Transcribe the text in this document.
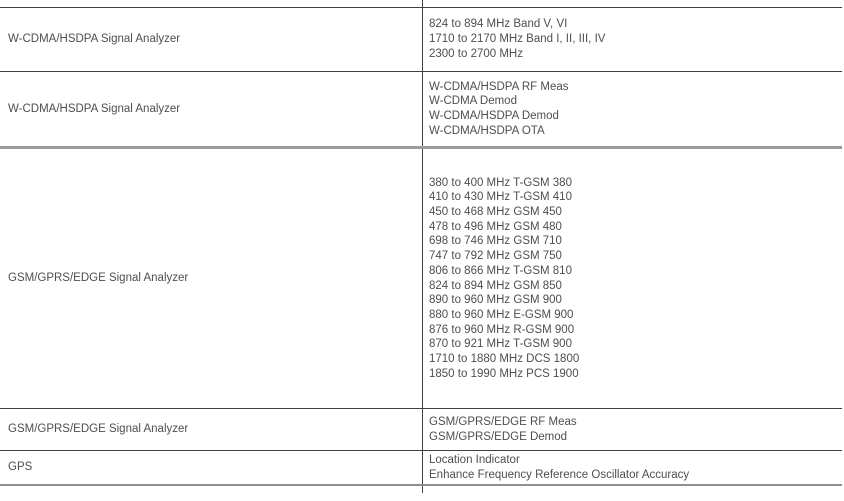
W-CDMA/HSDPA Signal Analyzer
824 to 894 MHz Band V, VI
1710 to 2170 MHz Band I, II, III, IV
2300 to 2700 MHz
W-CDMA/HSDPA Signal Analyzer
W-CDMA/HSDPA RF Meas
W-CDMA Demod
W-CDMA/HSDPA Demod
W-CDMA/HSDPA OTA
GSM/GPRS/EDGE Signal Analyzer
380 to 400 MHz T-GSM 380
410 to 430 MHz T-GSM 410
450 to 468 MHz GSM 450
478 to 496 MHz GSM 480
698 to 746 MHz GSM 710
747 to 792 MHz GSM 750
806 to 866 MHz T-GSM 810
824 to 894 MHz GSM 850
890 to 960 MHz GSM 900
880 to 960 MHz E-GSM 900
876 to 960 MHz R-GSM 900
870 to 921 MHz T-GSM 900
1710 to 1880 MHz DCS 1800
1850 to 1990 MHz PCS 1900
GSM/GPRS/EDGE Signal Analyzer
GSM/GPRS/EDGE RF Meas
GSM/GPRS/EDGE Demod
GPS
Location Indicator
Enhance Frequency Reference Oscillator Accuracy
